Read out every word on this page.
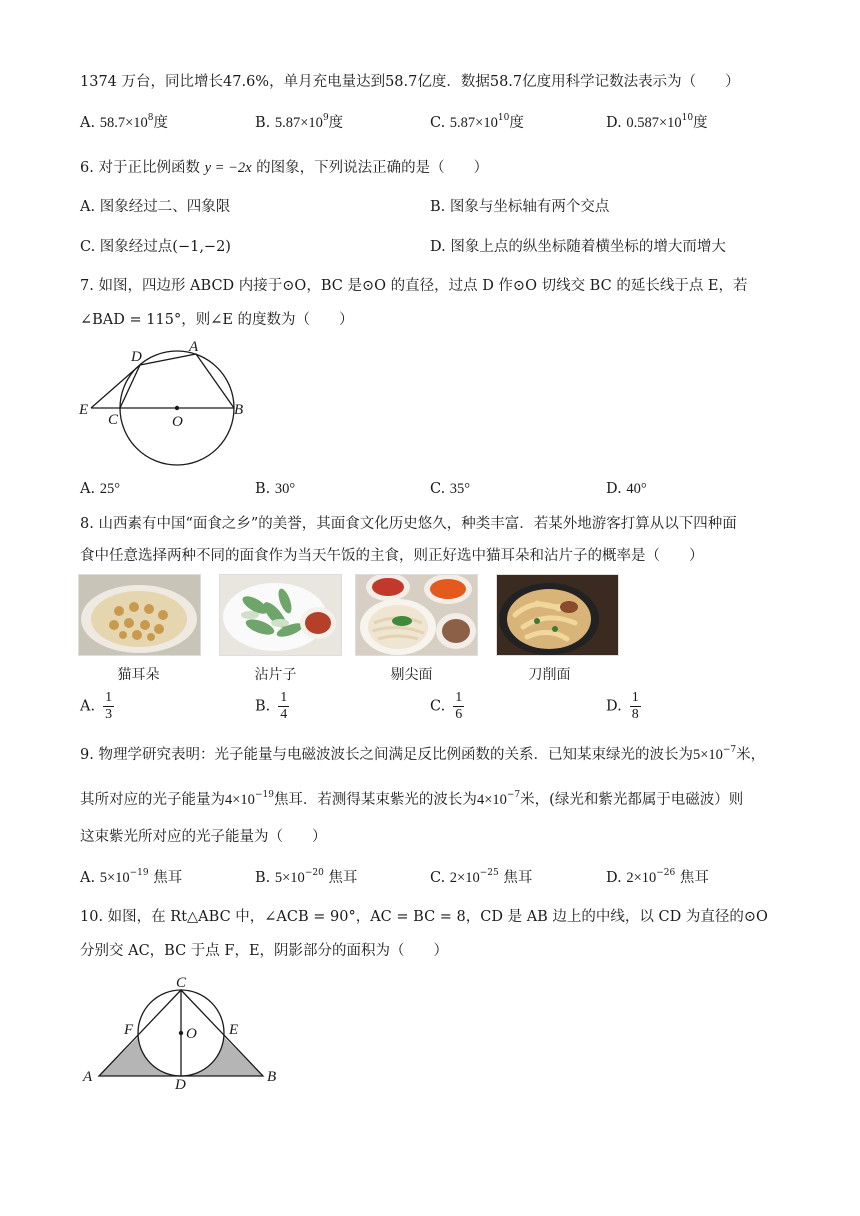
1374 万台，同比增长47.6%，单月充电量达到58.7亿度．数据58.7亿度用科学记数法表示为（　　）
A. $58.7\times 10^8$度	B. $5.87\times 10^9$度	C. $5.87\times 10^{10}$度	D. $0.587\times 10^{10}$度
6. 对于正比例函数 y = −2x 的图象，下列说法正确的是（　　）
A. 图象经过二、四象限	B. 图象与坐标轴有两个交点
C. 图象经过点(−1,−2)	D. 图象上点的纵坐标随着横坐标的增大而增大
7. 如图，四边形 ABCD 内接于⊙O，BC 是⊙O 的直径，过点 D 作⊙O 切线交 BC 的延长线于点 E，若
∠BAD = 115°，则∠E 的度数为（　　）
D
A
E
C	O
B
A. 25°	B. 30°	C. 35°	D. 40°
8. 山西素有中国“面食之乡”的美誉，其面食文化历史悠久，种类丰富．若某外地游客打算从以下四种面
食中任意选择两种不同的面食作为当天午饭的主食，则正好选中猫耳朵和沾片子的概率是（　　）
猫耳朵	沾片子	剔尖面	刀削面
A. $\frac{1}{3}$	B. $\frac{1}{4}$	C. $\frac{1}{6}$	D. $\frac{1}{8}$
9. 物理学研究表明：光子能量与电磁波波长之间满足反比例函数的关系．已知某束绿光的波长为$5\times 10^{-7}$米，
其所对应的光子能量为$4\times 10^{-19}$焦耳．若测得某束紫光的波长为$4\times 10^{-7}$米，(绿光和紫光都属于电磁波）则
这束紫光所对应的光子能量为（　　）
A. $5\times 10^{-19}$ 焦耳	B. $5\times 10^{-20}$ 焦耳	C. $2\times 10^{-25}$ 焦耳	D. $2\times 10^{-26}$ 焦耳
10. 如图，在 Rt△ABC 中，∠ACB = 90°，AC = BC = 8，CD 是 AB 边上的中线，以 CD 为直径的⊙O
分别交 AC，BC 于点 F，E，阴影部分的面积为（　　）
C
F	O E
A	D	B
